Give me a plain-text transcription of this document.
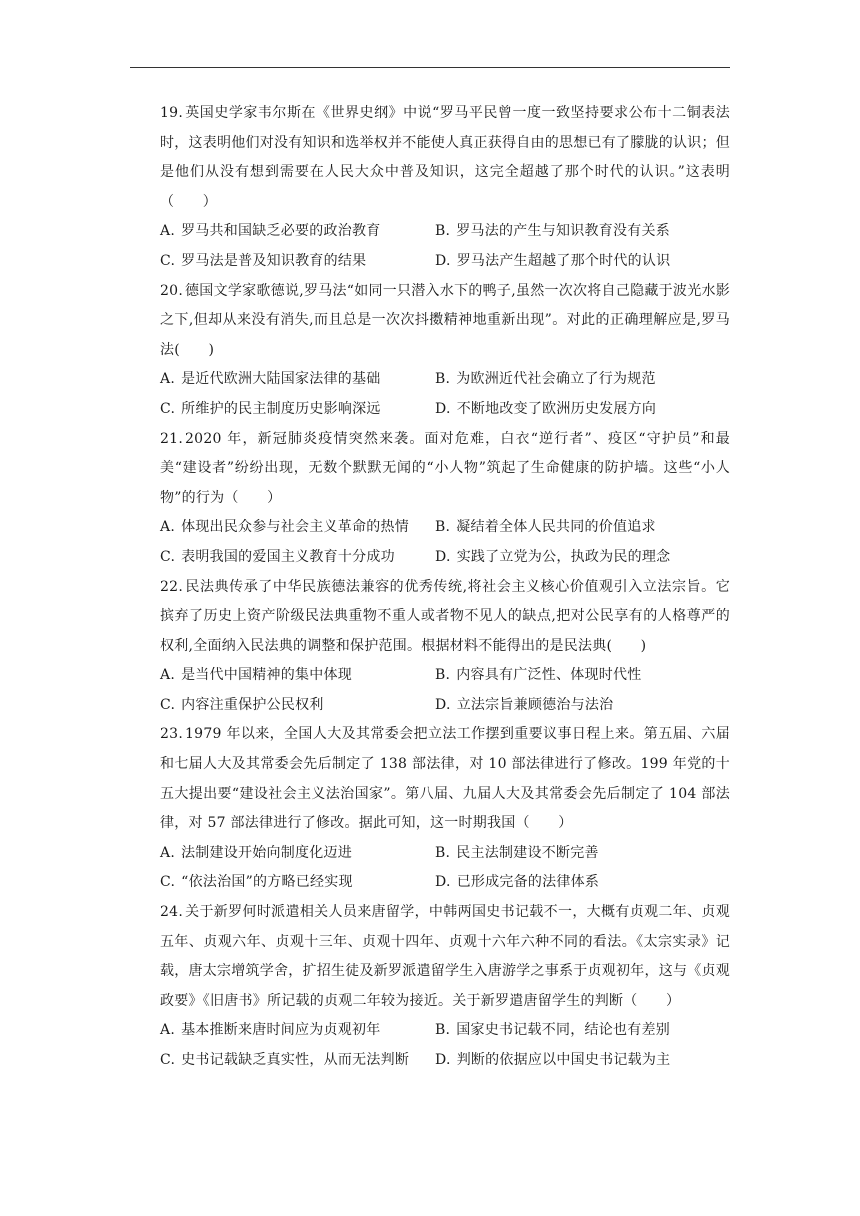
19. 英国史学家韦尔斯在《世界史纲》中说“罗马平民曾一度一致坚持要求公布十二铜表法时，这表明他们对没有知识和选举权并不能使人真正获得自由的思想已有了朦胧的认识；但是他们从没有想到需要在人民大众中普及知识，这完全超越了那个时代的认识。”这表明（　　）

A. 罗马共和国缺乏必要的政治教育	B. 罗马法的产生与知识教育没有关系
C. 罗马法是普及知识教育的结果	D. 罗马法产生超越了那个时代的认识

20. 德国文学家歌德说,罗马法“如同一只潜入水下的鸭子,虽然一次次将自己隐藏于波光水影之下,但却从来没有消失,而且总是一次次抖擞精神地重新出现”。对此的正确理解应是,罗马法(　　)

A. 是近代欧洲大陆国家法律的基础	B. 为欧洲近代社会确立了行为规范
C. 所维护的民主制度历史影响深远	D. 不断地改变了欧洲历史发展方向

21. 2020 年，新冠肺炎疫情突然来袭。面对危难，白衣“逆行者”、疫区“守护员”和最美“建设者”纷纷出现，无数个默默无闻的“小人物”筑起了生命健康的防护墙。这些“小人物”的行为（　　）

A. 体现出民众参与社会主义革命的热情	B. 凝结着全体人民共同的价值追求
C. 表明我国的爱国主义教育十分成功	D. 实践了立党为公，执政为民的理念

22. 民法典传承了中华民族德法兼容的优秀传统,将社会主义核心价值观引入立法宗旨。它摈弃了历史上资产阶级民法典重物不重人或者物不见人的缺点,把对公民享有的人格尊严的权利,全面纳入民法典的调整和保护范围。根据材料不能得出的是民法典(　　)

A. 是当代中国精神的集中体现	B. 内容具有广泛性、体现时代性
C. 内容注重保护公民权利	D. 立法宗旨兼顾德治与法治

23. 1979 年以来，全国人大及其常委会把立法工作摆到重要议事日程上来。第五届、六届和七届人大及其常委会先后制定了 138 部法律，对 10 部法律进行了修改。199 年党的十五大提出要“建设社会主义法治国家”。第八届、九届人大及其常委会先后制定了 104 部法律，对 57 部法律进行了修改。据此可知，这一时期我国（　　）

A. 法制建设开始向制度化迈进	B. 民主法制建设不断完善
C. “依法治国”的方略已经实现	D. 已形成完备的法律体系

24. 关于新罗何时派遣相关人员来唐留学，中韩两国史书记载不一，大概有贞观二年、贞观五年、贞观六年、贞观十三年、贞观十四年、贞观十六年六种不同的看法。《太宗实录》记载，唐太宗增筑学舍，扩招生徒及新罗派遣留学生入唐游学之事系于贞观初年，这与《贞观政要》《旧唐书》所记载的贞观二年较为接近。关于新罗遣唐留学生的判断（　　）

A. 基本推断来唐时间应为贞观初年	B. 国家史书记载不同，结论也有差别
C. 史书记载缺乏真实性，从而无法判断	D. 判断的依据应以中国史书记载为主
